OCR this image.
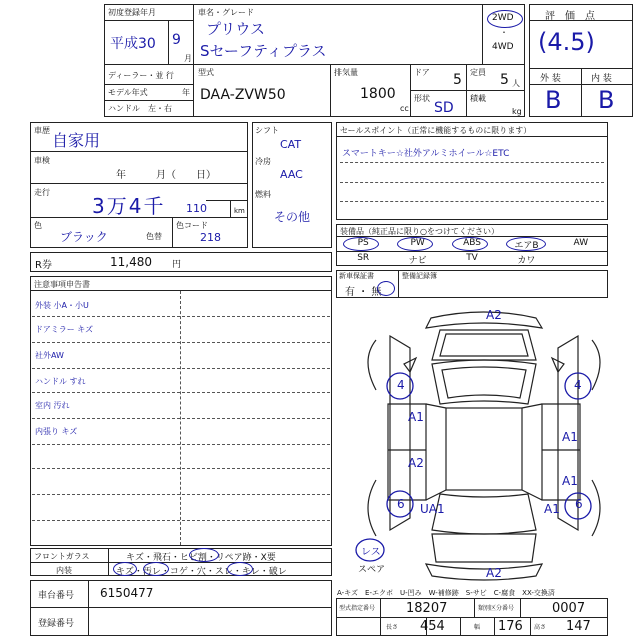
初度登録年月
平成30 9
月
ディーラー・並 行
モデル年式	年
ハンドル　左・右
車名・グレード
プリウス
Sセーフティプラス
2WD
・
4WD
型式
DAA-ZVW50
排気量
1800
cc
ドア 5 定員 5 人
形状
SD
積載
kg
評　価　点
(4.5)
外 装	内 装
B B
車歴
自家用
車検
年　　　月（　　日）
走行
3万4千 110	km
色
ブラック	色替
色コード
218
シフト
CAT
冷房
AAC
燃料
その他
R券	11,480 円
セールスポイント（正常に機能するものに限ります）
スマートキー☆社外アルミホイール☆ETC
装備品（純正品に限り○をつけてください）
PS	PW	ABS	エアB	AW
SR	ナビ	TV	カワ
新車保証書
有 ・ 無
整備記録簿
注意事項申告書
外装 小A・小U
ドアミラー キズ
社外AW
ハンドル すれ
室内 汚れ
内張り キズ
フロントガラス	キズ・飛石・ヒビ割・リペア跡・X要
内装	キズ・汚レ・コゲ・穴・スレ・キレ・破レ
車台番号 6150477
登録番号
A2
4	4
A1
A1
A2
A1
6 UA1	A1 6
A2
レス
スペア
A-キズ　E-エクボ　U-凹み　W-補修跡　S-サビ　C-腐食　XX-交換済
型式指定番号 18207	類別区分番号	0007
長さ 454	幅 176 高さ 147
